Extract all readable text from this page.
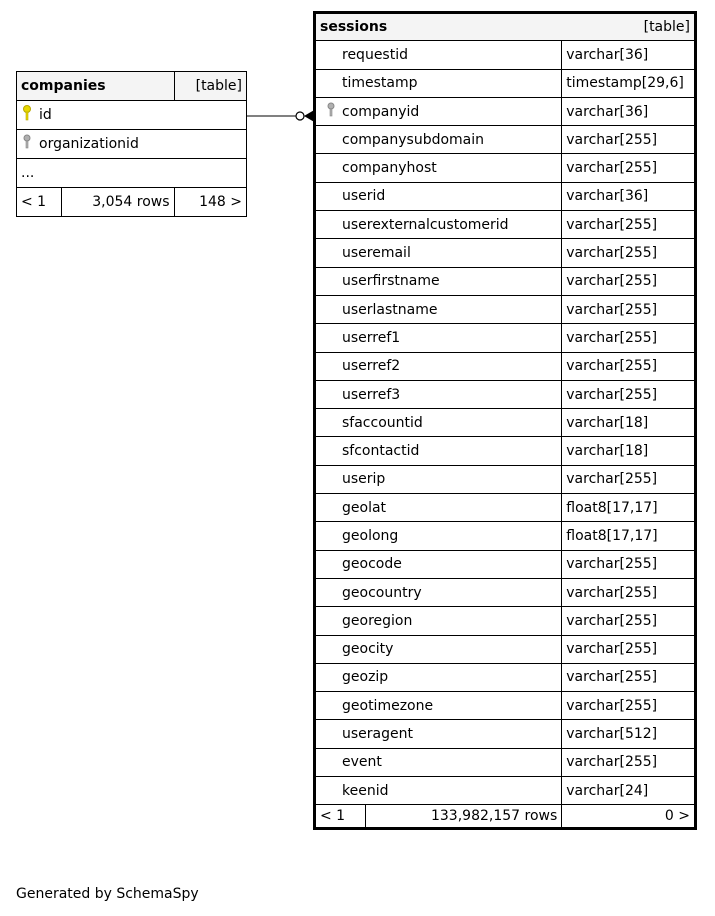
companies		[table]
id		
organizationid		
...		
< 1	3,054 rows	148 >
sessions		[table]
requestid		varchar[36]
timestamp		timestamp[29,6]
companyid		varchar[36]
companysubdomain		varchar[255]
companyhost		varchar[255]
userid		varchar[36]
userexternalcustomerid		varchar[255]
useremail		varchar[255]
userfirstname		varchar[255]
userlastname		varchar[255]
userref1		varchar[255]
userref2		varchar[255]
userref3		varchar[255]
sfaccountid		varchar[18]
sfcontactid		varchar[18]
userip		varchar[255]
geolat		float8[17,17]
geolong		float8[17,17]
geocode		varchar[255]
geocountry		varchar[255]
georegion		varchar[255]
geocity		varchar[255]
geozip		varchar[255]
geotimezone		varchar[255]
useragent		varchar[512]
event		varchar[255]
keenid		varchar[24]
< 1	133,982,157 rows	0 >
Generated by SchemaSpy
